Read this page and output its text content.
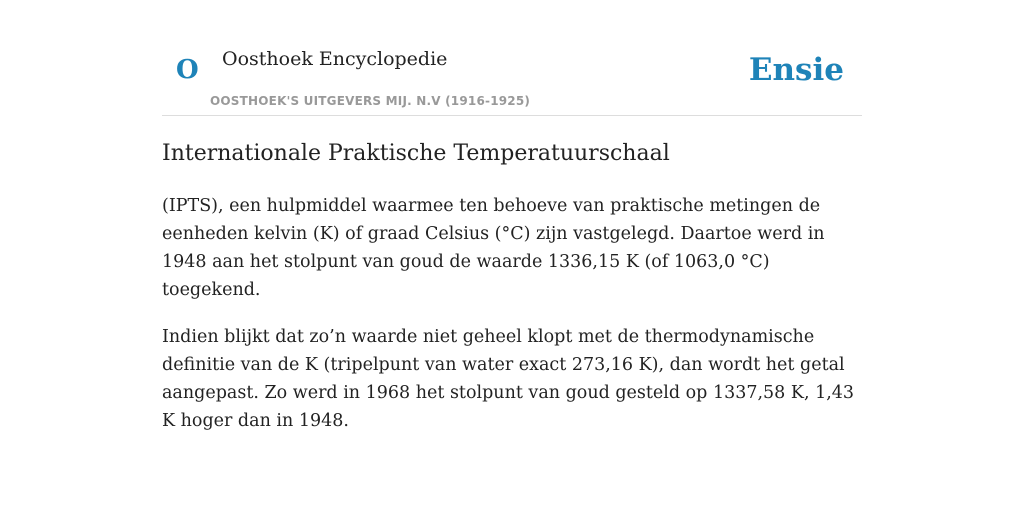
O Oosthoek Encyclopedie
OOSTHOEK'S UITGEVERS MIJ. N.V (1916-1925)
Ensie
Internationale Praktische Temperatuurschaal

(IPTS), een hulpmiddel waarmee ten behoeve van praktische metingen de eenheden kelvin (K) of graad Celsius (°C) zijn vastgelegd. Daartoe werd in 1948 aan het stolpunt van goud de waarde 1336,15 K (of 1063,0 °C) toegekend.

Indien blijkt dat zo’n waarde niet geheel klopt met de thermodynamische definitie van de K (tripelpunt van water exact 273,16 K), dan wordt het getal aangepast. Zo werd in 1968 het stolpunt van goud gesteld op 1337,58 K, 1,43 K hoger dan in 1948.
